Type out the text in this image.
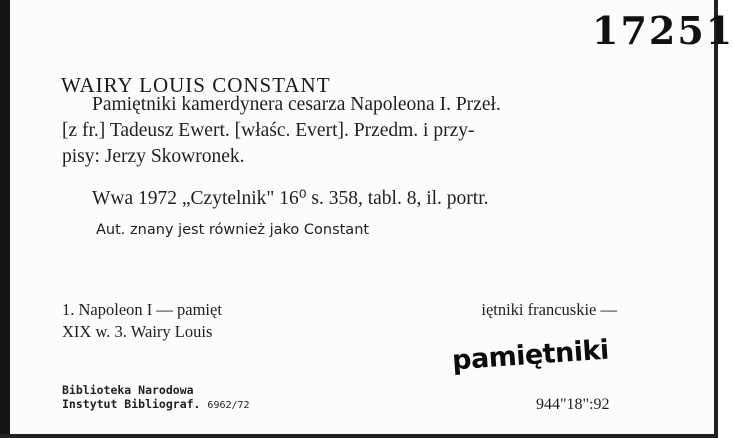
17251
WAIRY LOUIS CONSTANT
Pamiętniki kamerdynera cesarza Napoleona I. Przeł.
[z fr.] Tadeusz Ewert. [właśc. Evert]. Przedm. i przy-
pisy: Jerzy Skowronek.
Wwa 1972 „Czytelnik" 16⁰ s. 358, tabl. 8, il. portr.
Aut. znany jest również jako Constant
1. Napoleon I — pamięt	iętniki francuskie —
XIX w. 3. Wairy Louis
pamiętniki
Biblioteka Narodowa
Instytut Bibliograf. 6962/72	944"18":92
